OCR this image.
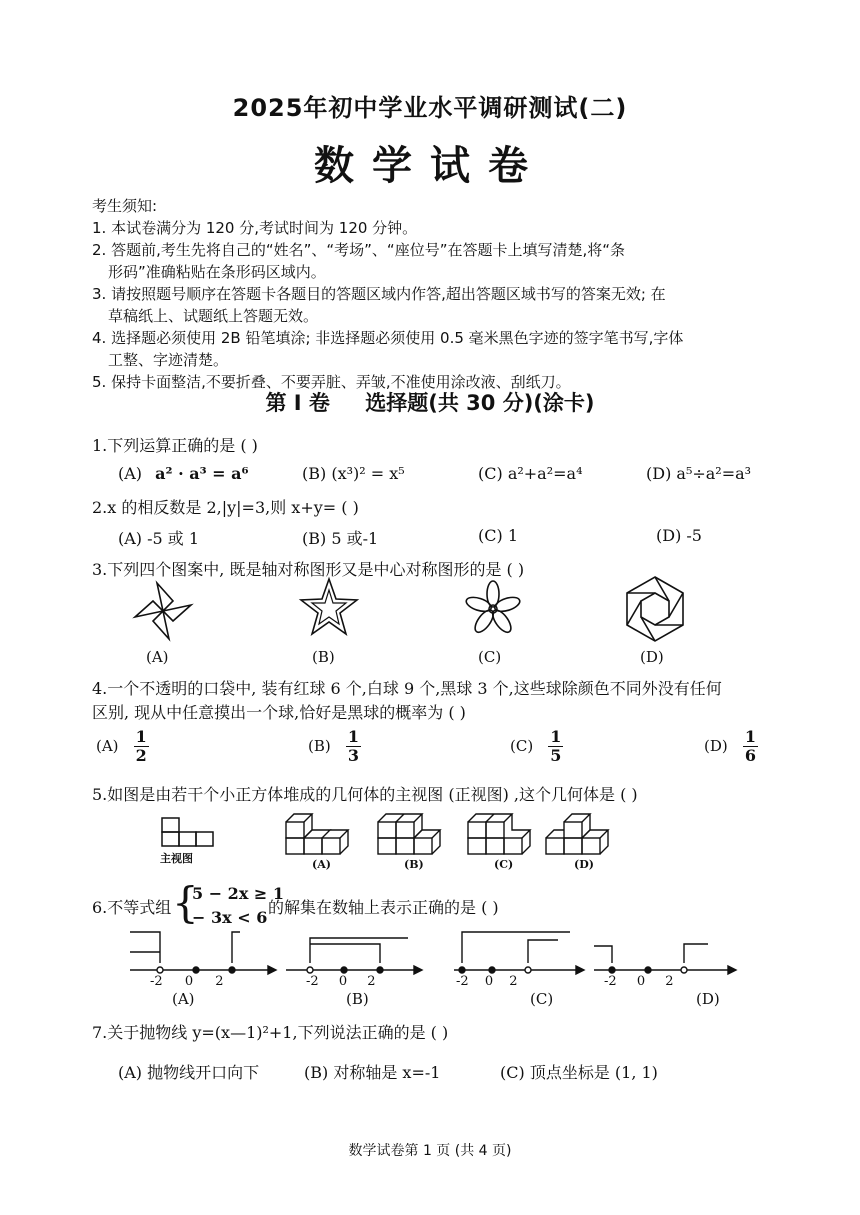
2025年初中学业水平调研测试(二)
数学试卷
考生须知:
1. 本试卷满分为 120 分,考试时间为 120 分钟。
2. 答题前,考生先将自己的“姓名”、“考场”、“座位号”在答题卡上填写清楚,将“条
形码”准确粘贴在条形码区域内。
3. 请按照题号顺序在答题卡各题目的答题区域内作答,超出答题区域书写的答案无效; 在
草稿纸上、试题纸上答题无效。
4. 选择题必须使用 2B 铅笔填涂; 非选择题必须使用 0.5 毫米黑色字迹的签字笔书写,字体
工整、字迹清楚。
5. 保持卡面整洁,不要折叠、不要弄脏、弄皱,不准使用涂改液、刮纸刀。
第 I 卷 选择题(共 30 分)(涂卡)
1.下列运算正确的是 ( )
(A) a² · a³ = a⁶	(B) (x³)² = x⁵	(C) a²+a²=a⁴	(D) a⁵÷a²=a³
2.x 的相反数是 2,|y|=3,则 x+y= ( )
(A) -5 或 1	(B) 5 或-1	(C) 1	(D) -5
3.下列四个图案中, 既是轴对称图形又是中心对称图形的是 ( )
(A)	(B)	(C)	(D)
4.一个不透明的口袋中, 装有红球 6 个,白球 9 个,黑球 3 个,这些球除颜色不同外没有任何
区别, 现从中任意摸出一个球,恰好是黑球的概率为 ( )
$(A) \frac{1}{2}$	$(B) \frac{1}{3}$	$(C) \frac{1}{5}$	$(D) \frac{1}{6}$
5.如图是由若干个小正方体堆成的几何体的主视图 (正视图) ,这个几何体是 ( )
主视图	(A)	(B)	(C)	(D)
6.不等式组 {
5 − 2x ≥ 1
− 3x < 6
的解集在数轴上表示正确的是 ( )
-2 0 2	-2 0 2	-2 0 2	-2 0 2
(A)	(B)	(C)	(D)
7.关于抛物线 y=(x—1)²+1,下列说法正确的是 ( )
(A) 抛物线开口向下	(B) 对称轴是 x=-1	(C) 顶点坐标是 (1, 1)
数学试卷第 1 页 (共 4 页)
